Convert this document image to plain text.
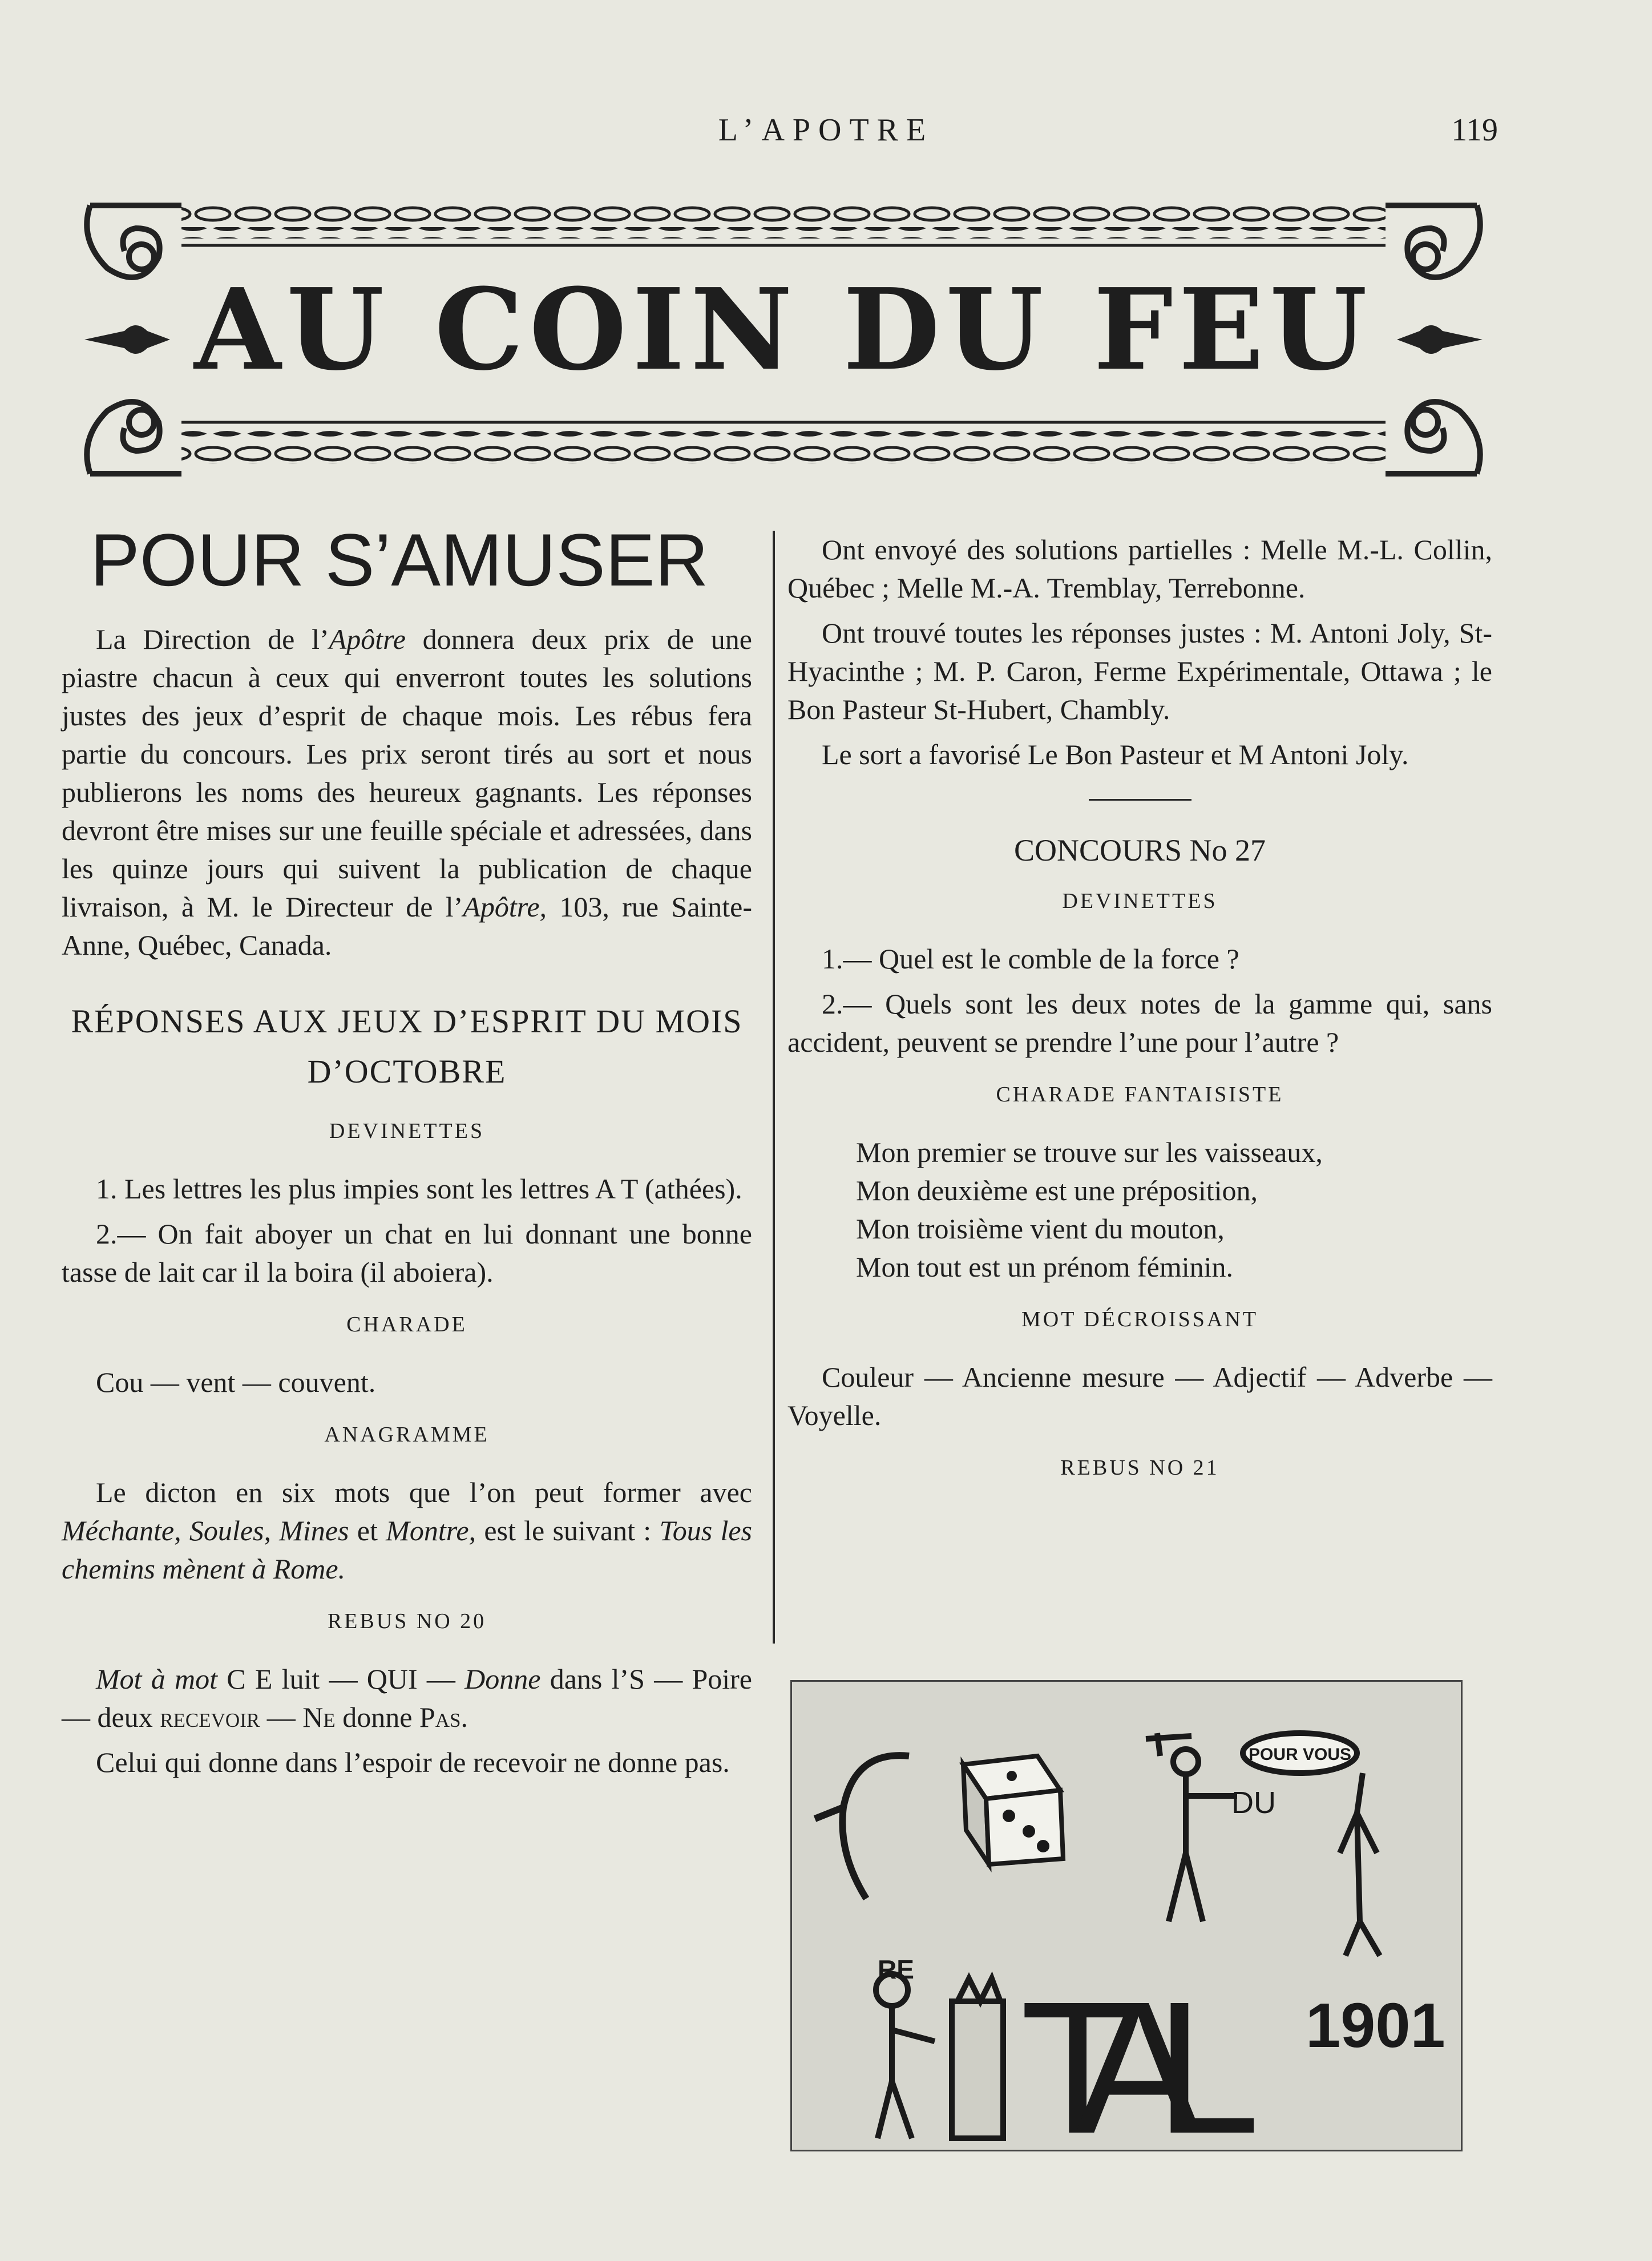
L’APOTRE	119
AU COIN DU FEU
POUR S’AMUSER

La Direction de l’Apôtre donnera deux prix de une piastre chacun à ceux qui enverront toutes les solutions justes des jeux d’esprit de chaque mois. Les rébus fera partie du concours. Les prix seront tirés au sort et nous publierons les noms des heureux gagnants. Les réponses devront être mises sur une feuille spéciale et adressées, dans les quinze jours qui suivent la publication de chaque livraison, à M. le Directeur de l’Apôtre, 103, rue Sainte-Anne, Québec, Canada.

RÉPONSES AUX JEUX D’ESPRIT DU MOIS D’OCTOBRE
DEVINETTES

1. Les lettres les plus impies sont les lettres A T (athées).

2.— On fait aboyer un chat en lui donnant une bonne tasse de lait car il la boira (il aboiera).

CHARADE

Cou — vent — couvent.

ANAGRAMME

Le dicton en six mots que l’on peut former avec Méchante, Soules, Mines et Montre, est le suivant : Tous les chemins mènent à Rome.

REBUS NO 20

Mot à mot C E luit — QUI — Donne dans l’S — Poire — deux recevoir — Ne donne Pas.

Celui qui donne dans l’espoir de recevoir ne donne pas.

Ont envoyé des solutions partielles : Melle M.-L. Collin, Québec ; Melle M.-A. Tremblay, Terrebonne.

Ont trouvé toutes les réponses justes : M. Antoni Joly, St-Hyacinthe ; M. P. Caron, Ferme Expérimentale, Ottawa ; le Bon Pasteur St-Hubert, Chambly.

Le sort a favorisé Le Bon Pasteur et M Antoni Joly.

CONCOURS No 27
DEVINETTES

1.— Quel est le comble de la force ?

2.— Quels sont les deux notes de la gamme qui, sans accident, peuvent se prendre l’une pour l’autre ?

CHARADE FANTAISISTE
Mon premier se trouve sur les vaisseaux,
Mon deuxième est une préposition,
Mon troisième vient du mouton,
Mon tout est un prénom féminin.
MOT DÉCROISSANT

Couleur — Ancienne mesure — Adjectif — Adverbe — Voyelle.

REBUS NO 21
POUR VOUS
DU
RE TAL 1901
